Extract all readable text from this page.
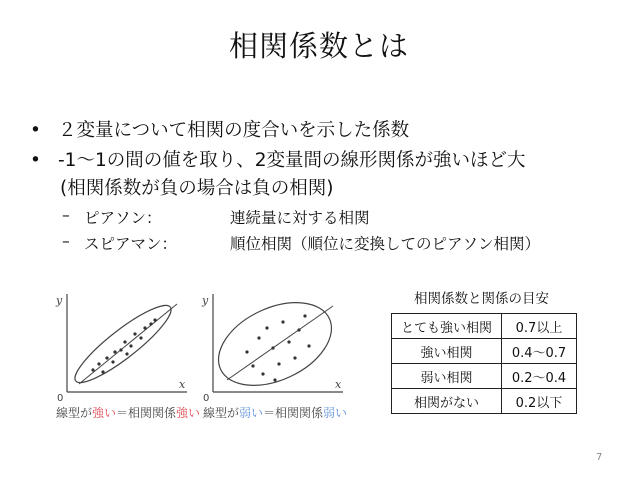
相関係数とは
• ２変量について相関の度合いを示した係数
• -1～1の間の値を取り、2変量間の線形関係が強いほど大
(相関係数が負の場合は負の相関)
– ピアソン：	連続量に対する相関
– スピアマン：	順位相関（順位に変換してのピアソン相関）
y
x
0
y
x
0
線型が強い＝相関関係強い 線型が弱い＝相関関係弱い
相関係数と関係の目安
とても強い相関	0.7以上
強い相関	0.4～0.7
弱い相関	0.2～0.4
相関がない	0.2以下
7
